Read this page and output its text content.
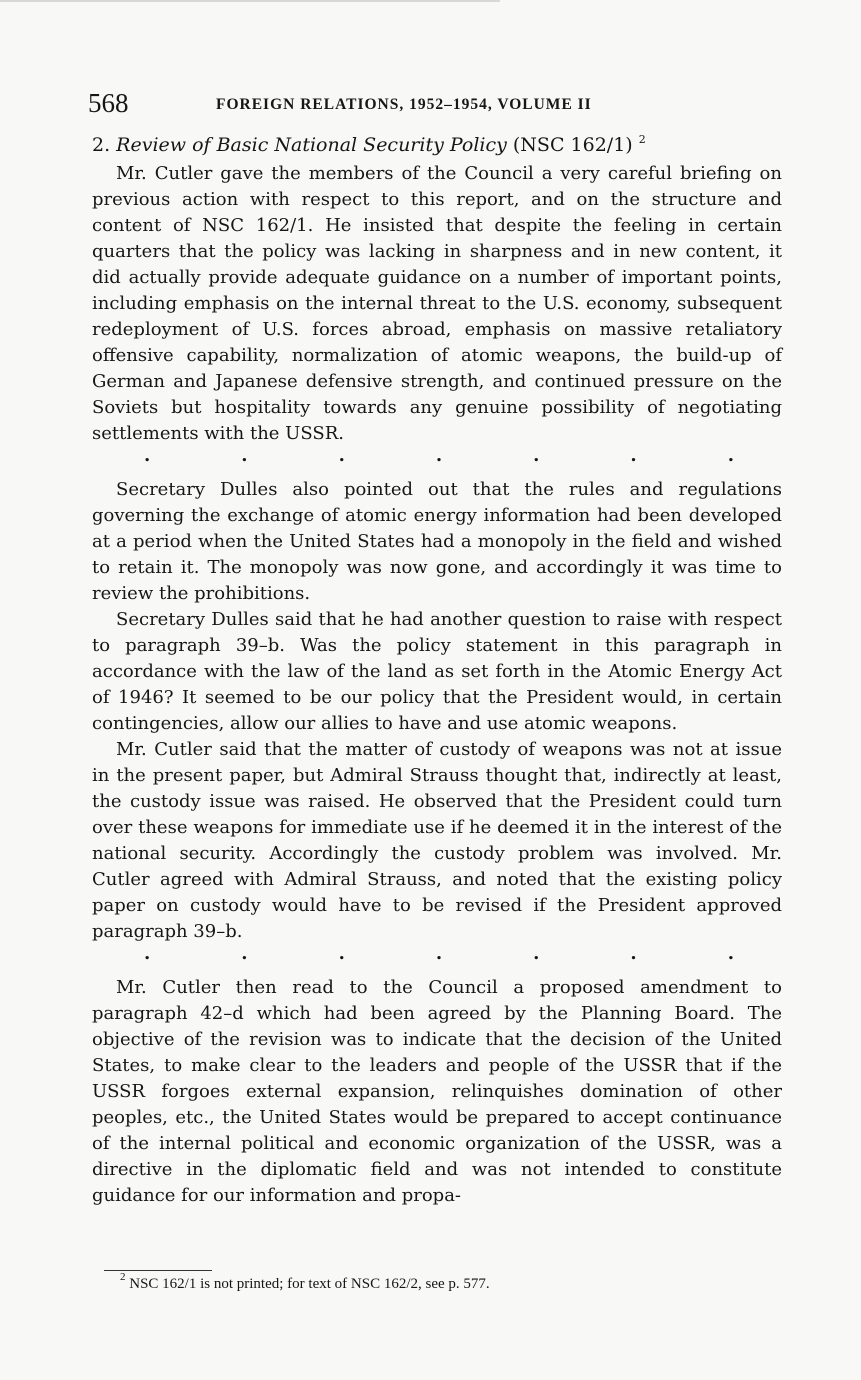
568	FOREIGN RELATIONS, 1952–1954, VOLUME II
2. Review of Basic National Security Policy (NSC 162/1) $^2$

Mr. Cutler gave the members of the Council a very careful briefing on previous action with respect to this report, and on the structure and content of NSC 162/1. He insisted that despite the feeling in certain quarters that the policy was lacking in sharpness and in new content, it did actually provide adequate guidance on a number of important points, including emphasis on the internal threat to the U.S. economy, subsequent redeployment of U.S. forces abroad, emphasis on massive retaliatory offensive capability, normalization of atomic weapons, the build-up of German and Japanese defensive strength, and continued pressure on the Soviets but hospitality towards any genuine possibility of negotiating settlements with the USSR.

.	.	.	.	.	.	.

Secretary Dulles also pointed out that the rules and regulations governing the exchange of atomic energy information had been developed at a period when the United States had a monopoly in the field and wished to retain it. The monopoly was now gone, and accordingly it was time to review the prohibitions.

Secretary Dulles said that he had another question to raise with respect to paragraph 39–b. Was the policy statement in this paragraph in accordance with the law of the land as set forth in the Atomic Energy Act of 1946? It seemed to be our policy that the President would, in certain contingencies, allow our allies to have and use atomic weapons.

Mr. Cutler said that the matter of custody of weapons was not at issue in the present paper, but Admiral Strauss thought that, indirectly at least, the custody issue was raised. He observed that the President could turn over these weapons for immediate use if he deemed it in the interest of the national security. Accordingly the custody problem was involved. Mr. Cutler agreed with Admiral Strauss, and noted that the existing policy paper on custody would have to be revised if the President approved paragraph 39–b.

.	.	.	.	.	.	.

Mr. Cutler then read to the Council a proposed amendment to paragraph 42–d which had been agreed by the Planning Board. The objective of the revision was to indicate that the decision of the United States, to make clear to the leaders and people of the USSR that if the USSR forgoes external expansion, relinquishes domination of other peoples, etc., the United States would be prepared to accept continuance of the internal political and economic organization of the USSR, was a directive in the diplomatic field and was not intended to constitute guidance for our information and propa-

$^2$ NSC 162/1 is not printed; for text of NSC 162/2, see p. 577.
